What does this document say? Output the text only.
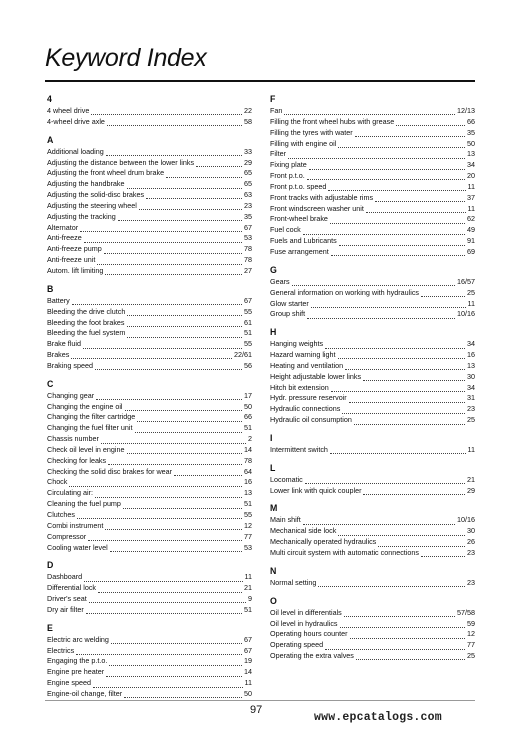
Keyword Index
4
4 wheel drive	22
4-wheel drive axle	58
A
Additional loading	33
Adjusting the distance between the lower links	29
Adjusting the front wheel drum brake	65
Adjusting the handbrake	65
Adjusting the solid-disc brakes	63
Adjusting the steering wheel	23
Adjusting the tracking	35
Alternator	67
Anti-freeze	53
Anti-freeze pump	78
Anti-freeze unit	78
Autom. lift limiting	27
B
Battery	67
Bleeding the drive clutch	55
Bleeding the foot brakes	61
Bleeding the fuel system	51
Brake fluid	55
Brakes	22/61
Braking speed	56
C
Changing gear	17
Changing the engine oil	50
Changing the filter cartridge	66
Changing the fuel filter unit	51
Chassis number	2
Check oil level in engine	14
Checking for leaks	78
Checking the solid disc brakes for wear	64
Chock	16
Circulating air:	13
Cleaning the fuel pump	51
Clutches	55
Combi instrument	12
Compressor	77
Cooling water level	53
D
Dashboard	11
Differential lock	21
Driver's seat	9
Dry air filter	51
E
Electric arc welding	67
Electrics	67
Engaging the p.t.o.	19
Engine pre heater	14
Engine speed	11
Engine-oil change, filter	50
F
Fan	12/13
Filling the front wheel hubs with grease	66
Filling the tyres with water	35
Filling with engine oil	50
Filter	13
Fixing plate	34
Front p.t.o.	20
Front p.t.o. speed	11
Front tracks with adjustable rims	37
Front windscreen washer unit	11
Front-wheel brake	62
Fuel cock	49
Fuels and Lubricants	91
Fuse arrangement	69
G
Gears	16/57
General information on working with hydraulics	25
Glow starter	11
Group shift	10/16
H
Hanging weights	34
Hazard warning light	16
Heating and ventilation	13
Height adjustable lower links	30
Hitch bit extension	34
Hydr. pressure reservoir	31
Hydraulic connections	23
Hydraulic oil consumption	25
I
Intermittent switch	11
L
Locomatic	21
Lower link with quick coupler	29
M
Main shift	10/16
Mechanical side lock	30
Mechanically operated hydraulics	26
Multi circuit system with automatic connections	23
N
Normal setting	23
O
Oil level in differentials	57/58
Oil level in hydraulics	59
Operating hours counter	12
Operating speed	77
Operating the extra valves	25
97
www.epcatalogs.com
